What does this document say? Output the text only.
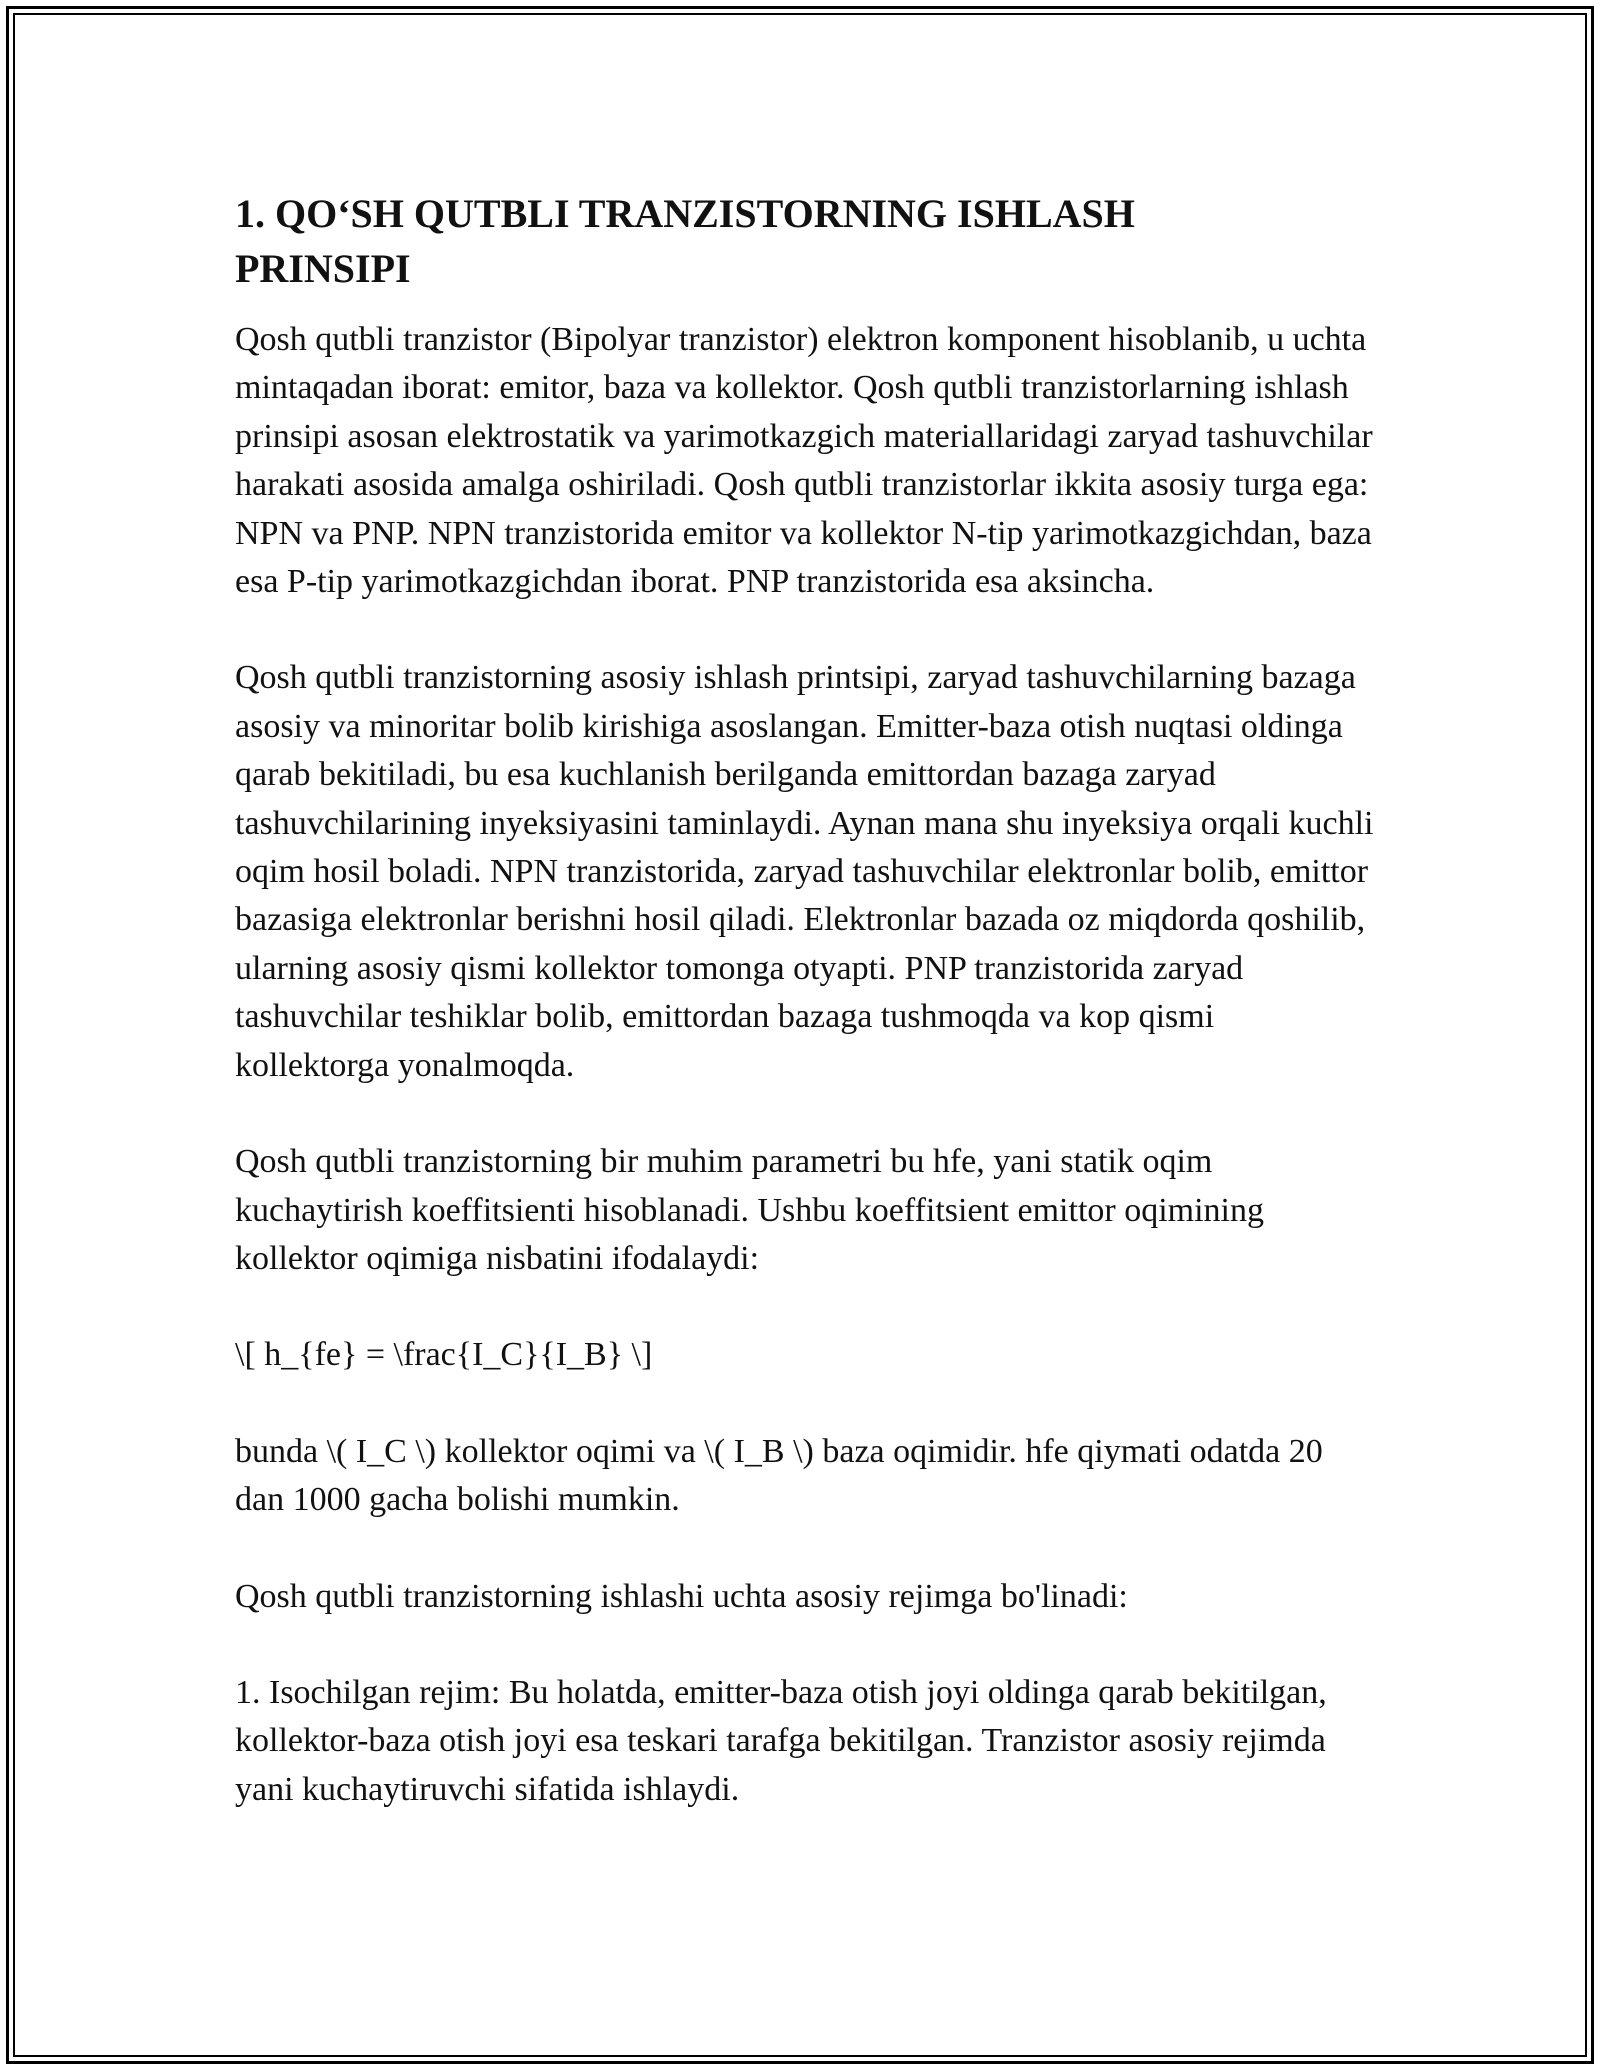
1. QO‘SH QUTBLI TRANZISTORNING ISHLASH PRINSIPI

Qosh qutbli tranzistor (Bipolyar tranzistor) elektron komponent hisoblanib, u uchta mintaqadan iborat: emitor, baza va kollektor. Qosh qutbli tranzistorlarning ishlash prinsipi asosan elektrostatik va yarimotkazgich materiallaridagi zaryad tashuvchilar harakati asosida amalga oshiriladi. Qosh qutbli tranzistorlar ikkita asosiy turga ega: NPN va PNP. NPN tranzistorida emitor va kollektor N-tip yarimotkazgichdan, baza esa P-tip yarimotkazgichdan iborat. PNP tranzistorida esa aksincha.

Qosh qutbli tranzistorning asosiy ishlash printsipi, zaryad tashuvchilarning bazaga asosiy va minoritar bolib kirishiga asoslangan. Emitter-baza otish nuqtasi oldinga qarab bekitiladi, bu esa kuchlanish berilganda emittordan bazaga zaryad tashuvchilarining inyeksiyasini taminlaydi. Aynan mana shu inyeksiya orqali kuchli oqim hosil boladi. NPN tranzistorida, zaryad tashuvchilar elektronlar bolib, emittor bazasiga elektronlar berishni hosil qiladi. Elektronlar bazada oz miqdorda qoshilib, ularning asosiy qismi kollektor tomonga otyapti. PNP tranzistorida zaryad tashuvchilar teshiklar bolib, emittordan bazaga tushmoqda va kop qismi kollektorga yonalmoqda.

Qosh qutbli tranzistorning bir muhim parametri bu hfe, yani statik oqim kuchaytirish koeffitsienti hisoblanadi. Ushbu koeffitsient emittor oqimining kollektor oqimiga nisbatini ifodalaydi:

\[ h_{fe} = \frac{I_C}{I_B} \]

bunda \( I_C \) kollektor oqimi va \( I_B \) baza oqimidir. hfe qiymati odatda 20 dan 1000 gacha bolishi mumkin.

Qosh qutbli tranzistorning ishlashi uchta asosiy rejimga bo'linadi:

1. Isochilgan rejim: Bu holatda, emitter-baza otish joyi oldinga qarab bekitilgan, kollektor-baza otish joyi esa teskari tarafga bekitilgan. Tranzistor asosiy rejimda yani kuchaytiruvchi sifatida ishlaydi.
